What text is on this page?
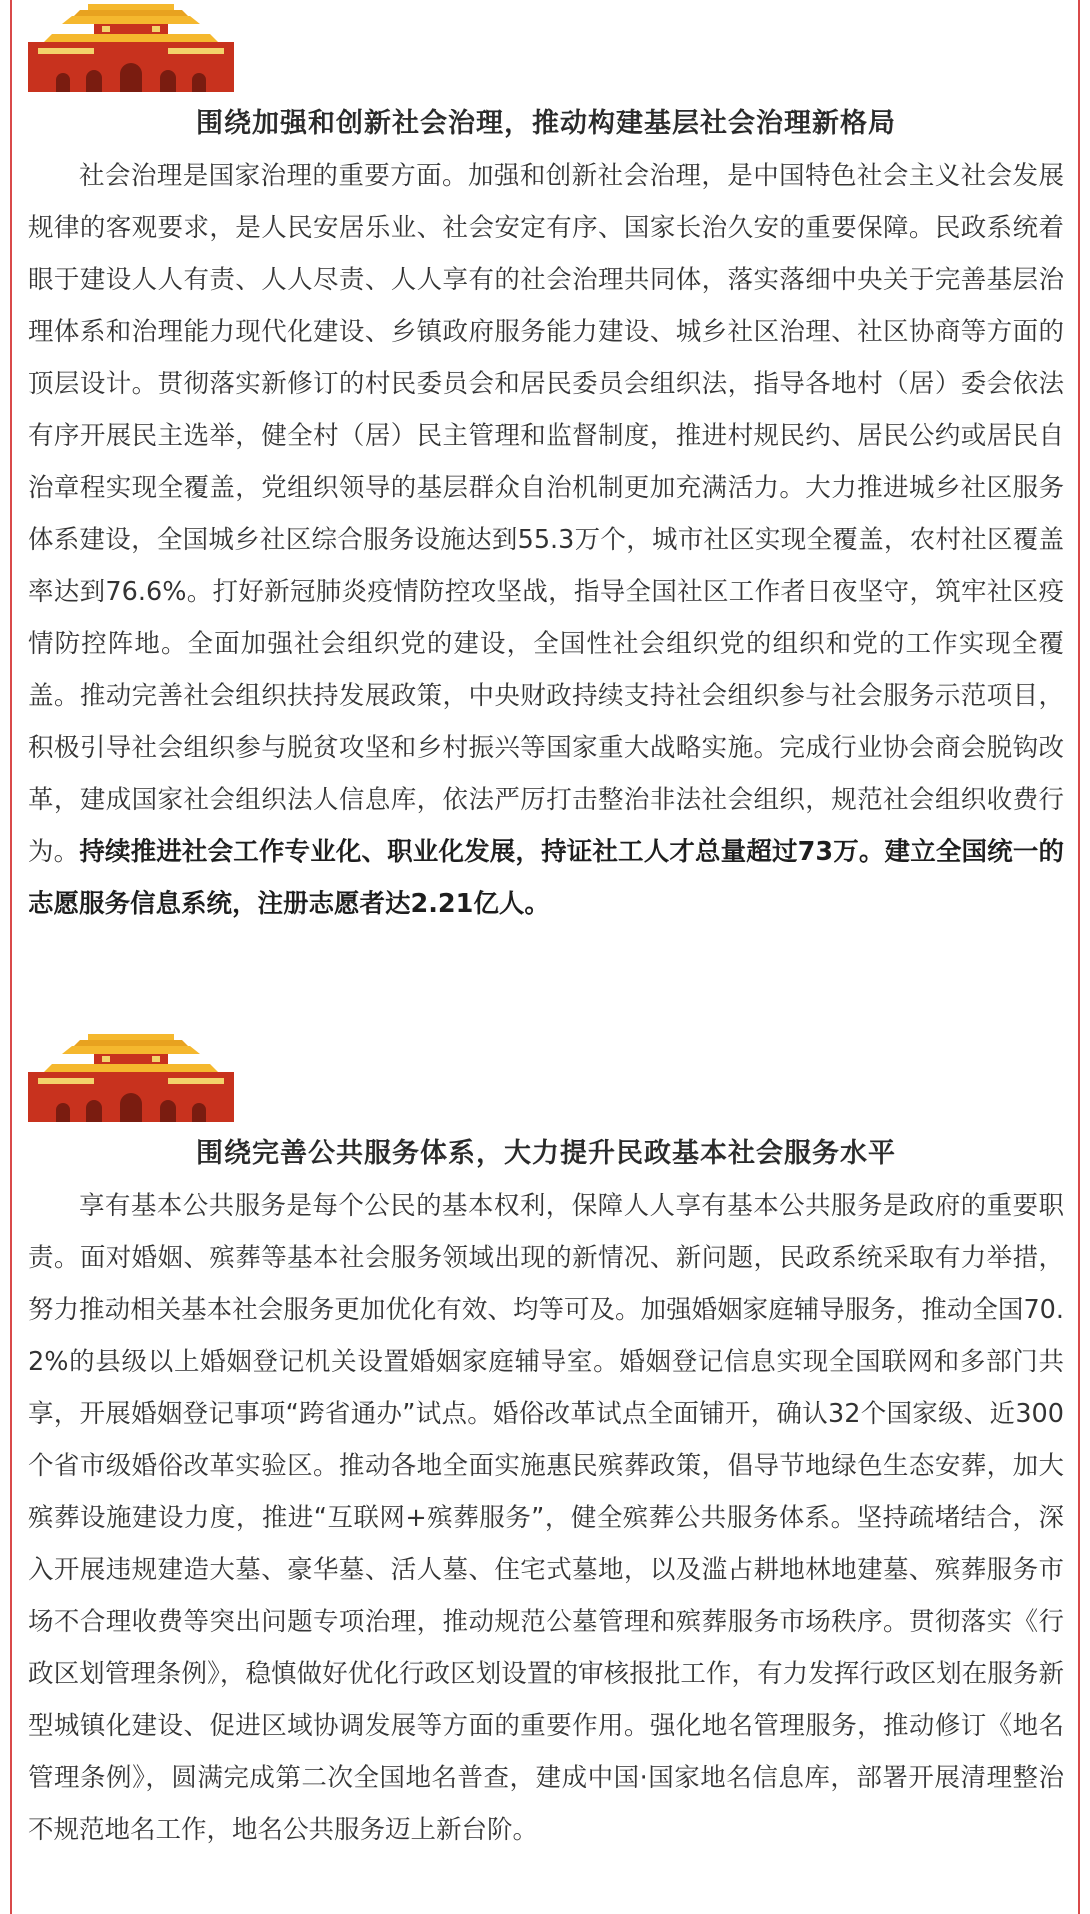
围绕加强和创新社会治理，推动构建基层社会治理新格局

社会治理是国家治理的重要方面。加强和创新社会治理，是中国特色社会主义社会发展规律的客观要求，是人民安居乐业、社会安定有序、国家长治久安的重要保障。民政系统着眼于建设人人有责、人人尽责、人人享有的社会治理共同体，落实落细中央关于完善基层治理体系和治理能力现代化建设、乡镇政府服务能力建设、城乡社区治理、社区协商等方面的顶层设计。贯彻落实新修订的村民委员会和居民委员会组织法，指导各地村（居）委会依法有序开展民主选举，健全村（居）民主管理和监督制度，推进村规民约、居民公约或居民自治章程实现全覆盖，党组织领导的基层群众自治机制更加充满活力。大力推进城乡社区服务体系建设，全国城乡社区综合服务设施达到55.3万个，城市社区实现全覆盖，农村社区覆盖率达到76.6%。打好新冠肺炎疫情防控攻坚战，指导全国社区工作者日夜坚守，筑牢社区疫情防控阵地。全面加强社会组织党的建设，全国性社会组织党的组织和党的工作实现全覆盖。推动完善社会组织扶持发展政策，中央财政持续支持社会组织参与社会服务示范项目，积极引导社会组织参与脱贫攻坚和乡村振兴等国家重大战略实施。完成行业协会商会脱钩改革，建成国家社会组织法人信息库，依法严厉打击整治非法社会组织，规范社会组织收费行为。持续推进社会工作专业化、职业化发展，持证社工人才总量超过73万。建立全国统一的志愿服务信息系统，注册志愿者达2.21亿人。

围绕完善公共服务体系，大力提升民政基本社会服务水平

享有基本公共服务是每个公民的基本权利，保障人人享有基本公共服务是政府的重要职责。面对婚姻、殡葬等基本社会服务领域出现的新情况、新问题，民政系统采取有力举措，努力推动相关基本社会服务更加优化有效、均等可及。加强婚姻家庭辅导服务，推动全国70.2%的县级以上婚姻登记机关设置婚姻家庭辅导室。婚姻登记信息实现全国联网和多部门共享，开展婚姻登记事项“跨省通办”试点。婚俗改革试点全面铺开，确认32个国家级、近300个省市级婚俗改革实验区。推动各地全面实施惠民殡葬政策，倡导节地绿色生态安葬，加大殡葬设施建设力度，推进“互联网+殡葬服务”，健全殡葬公共服务体系。坚持疏堵结合，深入开展违规建造大墓、豪华墓、活人墓、住宅式墓地，以及滥占耕地林地建墓、殡葬服务市场不合理收费等突出问题专项治理，推动规范公墓管理和殡葬服务市场秩序。贯彻落实《行政区划管理条例》，稳慎做好优化行政区划设置的审核报批工作，有力发挥行政区划在服务新型城镇化建设、促进区域协调发展等方面的重要作用。强化地名管理服务，推动修订《地名管理条例》，圆满完成第二次全国地名普查，建成中国·国家地名信息库，部署开展清理整治不规范地名工作，地名公共服务迈上新台阶。
